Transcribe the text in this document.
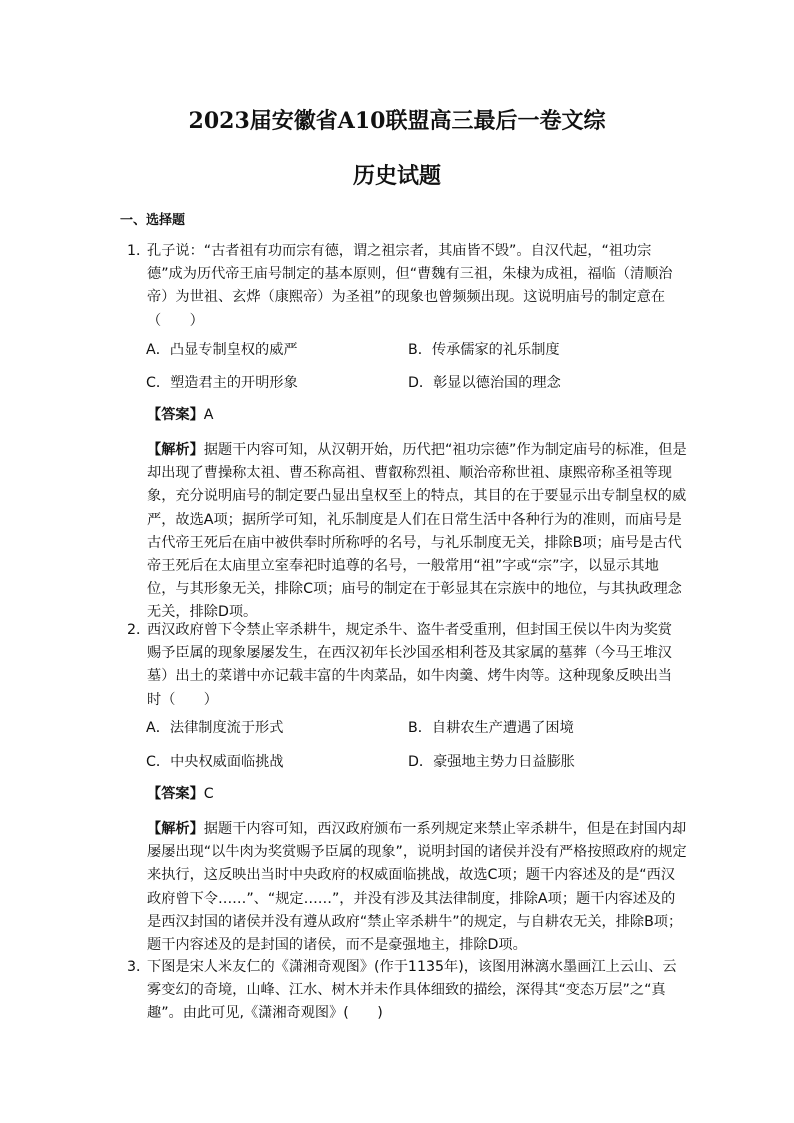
2023届安徽省A10联盟高三最后一卷文综
历史试题
一、选择题
1．
孔子说：“古者祖有功而宗有德，谓之祖宗者，其庙皆不毁”。自汉代起，“祖功宗德”成为历代帝王庙号制定的基本原则，但“曹魏有三祖，朱棣为成祖，福临（清顺治帝）为世祖、玄烨（康熙帝）为圣祖”的现象也曾频频出现。这说明庙号的制定意在（　　）
A．凸显专制皇权的威严	B．传承儒家的礼乐制度
C．塑造君主的开明形象	D．彰显以德治国的理念
【答案】A
【解析】据题干内容可知，从汉朝开始，历代把“祖功宗德”作为制定庙号的标准，但是却出现了曹操称太祖、曹丕称高祖、曹叡称烈祖、顺治帝称世祖、康熙帝称圣祖等现象，充分说明庙号的制定要凸显出皇权至上的特点，其目的在于要显示出专制皇权的威严，故选A项；据所学可知，礼乐制度是人们在日常生活中各种行为的准则，而庙号是古代帝王死后在庙中被供奉时所称呼的名号，与礼乐制度无关，排除B项；庙号是古代帝王死后在太庙里立室奉祀时追尊的名号，一般常用“祖”字或“宗”字，以显示其地位，与其形象无关，排除C项；庙号的制定在于彰显其在宗族中的地位，与其执政理念无关，排除D项。
2．
西汉政府曾下令禁止宰杀耕牛，规定杀牛、盗牛者受重刑，但封国王侯以牛肉为奖赏赐予臣属的现象屡屡发生，在西汉初年长沙国丞相利苍及其家属的墓葬（今马王堆汉墓）出土的菜谱中亦记载丰富的牛肉菜品，如牛肉羹、烤牛肉等。这种现象反映出当时（　　）
A．法律制度流于形式	B．自耕农生产遭遇了困境
C．中央权威面临挑战	D．豪强地主势力日益膨胀
【答案】C
【解析】据题干内容可知，西汉政府颁布一系列规定来禁止宰杀耕牛，但是在封国内却屡屡出现“以牛肉为奖赏赐予臣属的现象”，说明封国的诸侯并没有严格按照政府的规定来执行，这反映出当时中央政府的权威面临挑战，故选C项；题干内容述及的是“西汉政府曾下令……”、“规定……”，并没有涉及其法律制度，排除A项；题干内容述及的是西汉封国的诸侯并没有遵从政府“禁止宰杀耕牛”的规定，与自耕农无关，排除B项；题干内容述及的是封国的诸侯，而不是豪强地主，排除D项。
3．
下图是宋人米友仁的《潇湘奇观图》(作于1135年)，该图用淋漓水墨画江上云山、云雾变幻的奇境，山峰、江水、树木并未作具体细致的描绘，深得其“变态万层”之“真趣”。由此可见,《潇湘奇观图》(　　)
